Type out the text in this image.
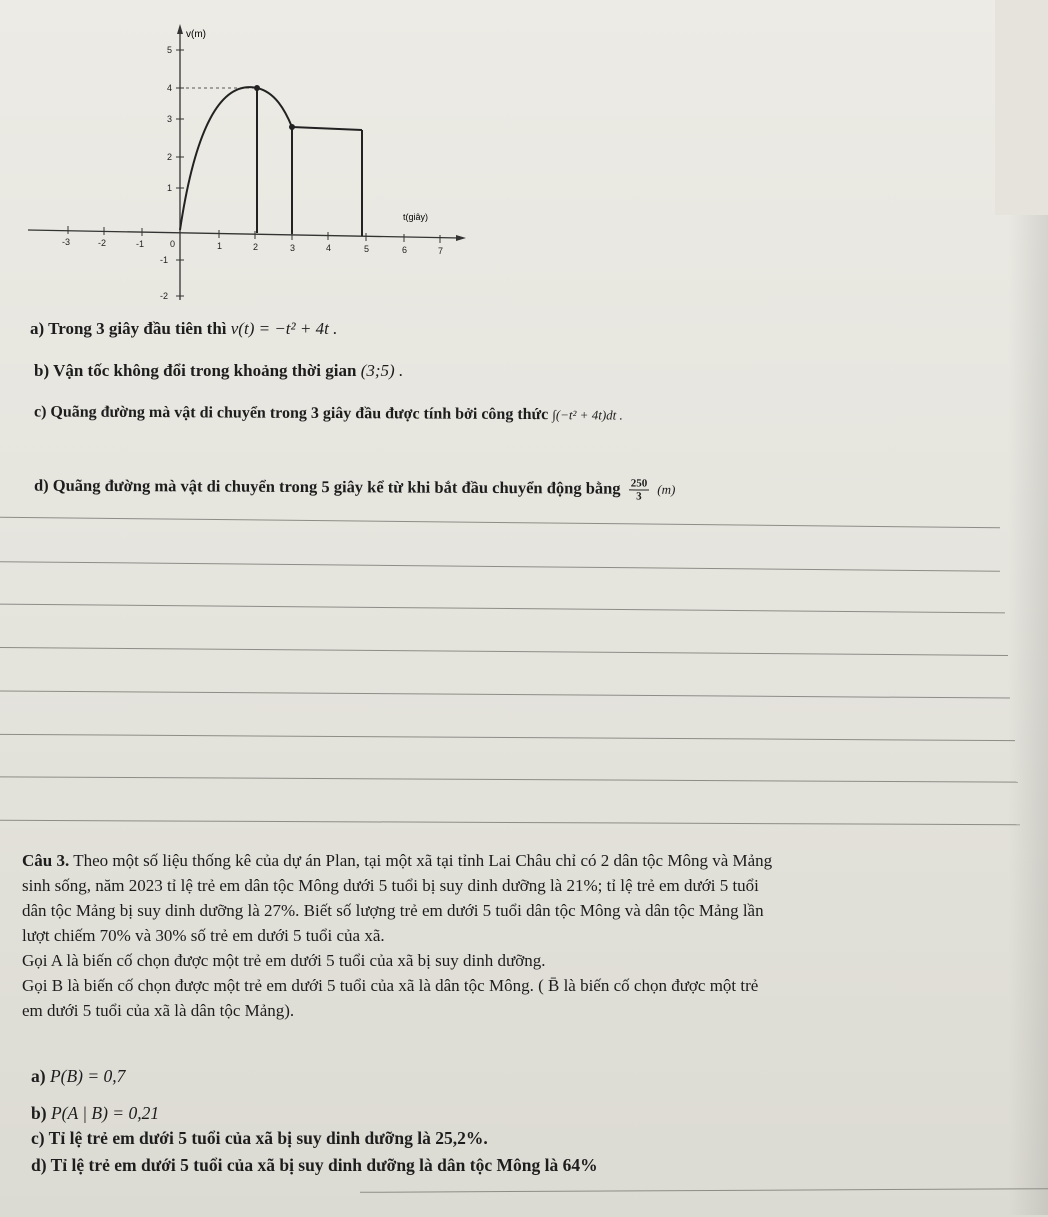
v(m)
t(giây)
5
4
3
2
1
-1
-2
-3	-2	-1	0	1	2	3	4	5	6	7
a) Trong 3 giây đầu tiên thì v(t) = −t² + 4t .
b) Vận tốc không đổi trong khoảng thời gian (3;5) .
c) Quãng đường mà vật di chuyển trong 3 giây đầu được tính bởi công thức ∫(−t² + 4t)dt .
d) Quãng đường mà vật di chuyển trong 5 giây kể từ khi bắt đầu chuyển động bằng $\frac{250}{3} (m)$
Câu 3. Theo một số liệu thống kê của dự án Plan, tại một xã tại tỉnh Lai Châu chỉ có 2 dân tộc Mông và Mảng
sinh sống, năm 2023 tỉ lệ trẻ em dân tộc Mông dưới 5 tuổi bị suy dinh dưỡng là 21%; tỉ lệ trẻ em dưới 5 tuổi
dân tộc Mảng bị suy dinh dưỡng là 27%. Biết số lượng trẻ em dưới 5 tuổi dân tộc Mông và dân tộc Mảng lần
lượt chiếm 70% và 30% số trẻ em dưới 5 tuổi của xã.
Gọi A là biến cố chọn được một trẻ em dưới 5 tuổi của xã bị suy dinh dưỡng.
Gọi B là biến cố chọn được một trẻ em dưới 5 tuổi của xã là dân tộc Mông. ( B̄ là biến cố chọn được một trẻ
em dưới 5 tuổi của xã là dân tộc Mảng).
a) P(B) = 0,7
b) P(A | B) = 0,21
c) Tỉ lệ trẻ em dưới 5 tuổi của xã bị suy dinh dưỡng là 25,2%.
d) Tỉ lệ trẻ em dưới 5 tuổi của xã bị suy dinh dưỡng là dân tộc Mông là 64%
